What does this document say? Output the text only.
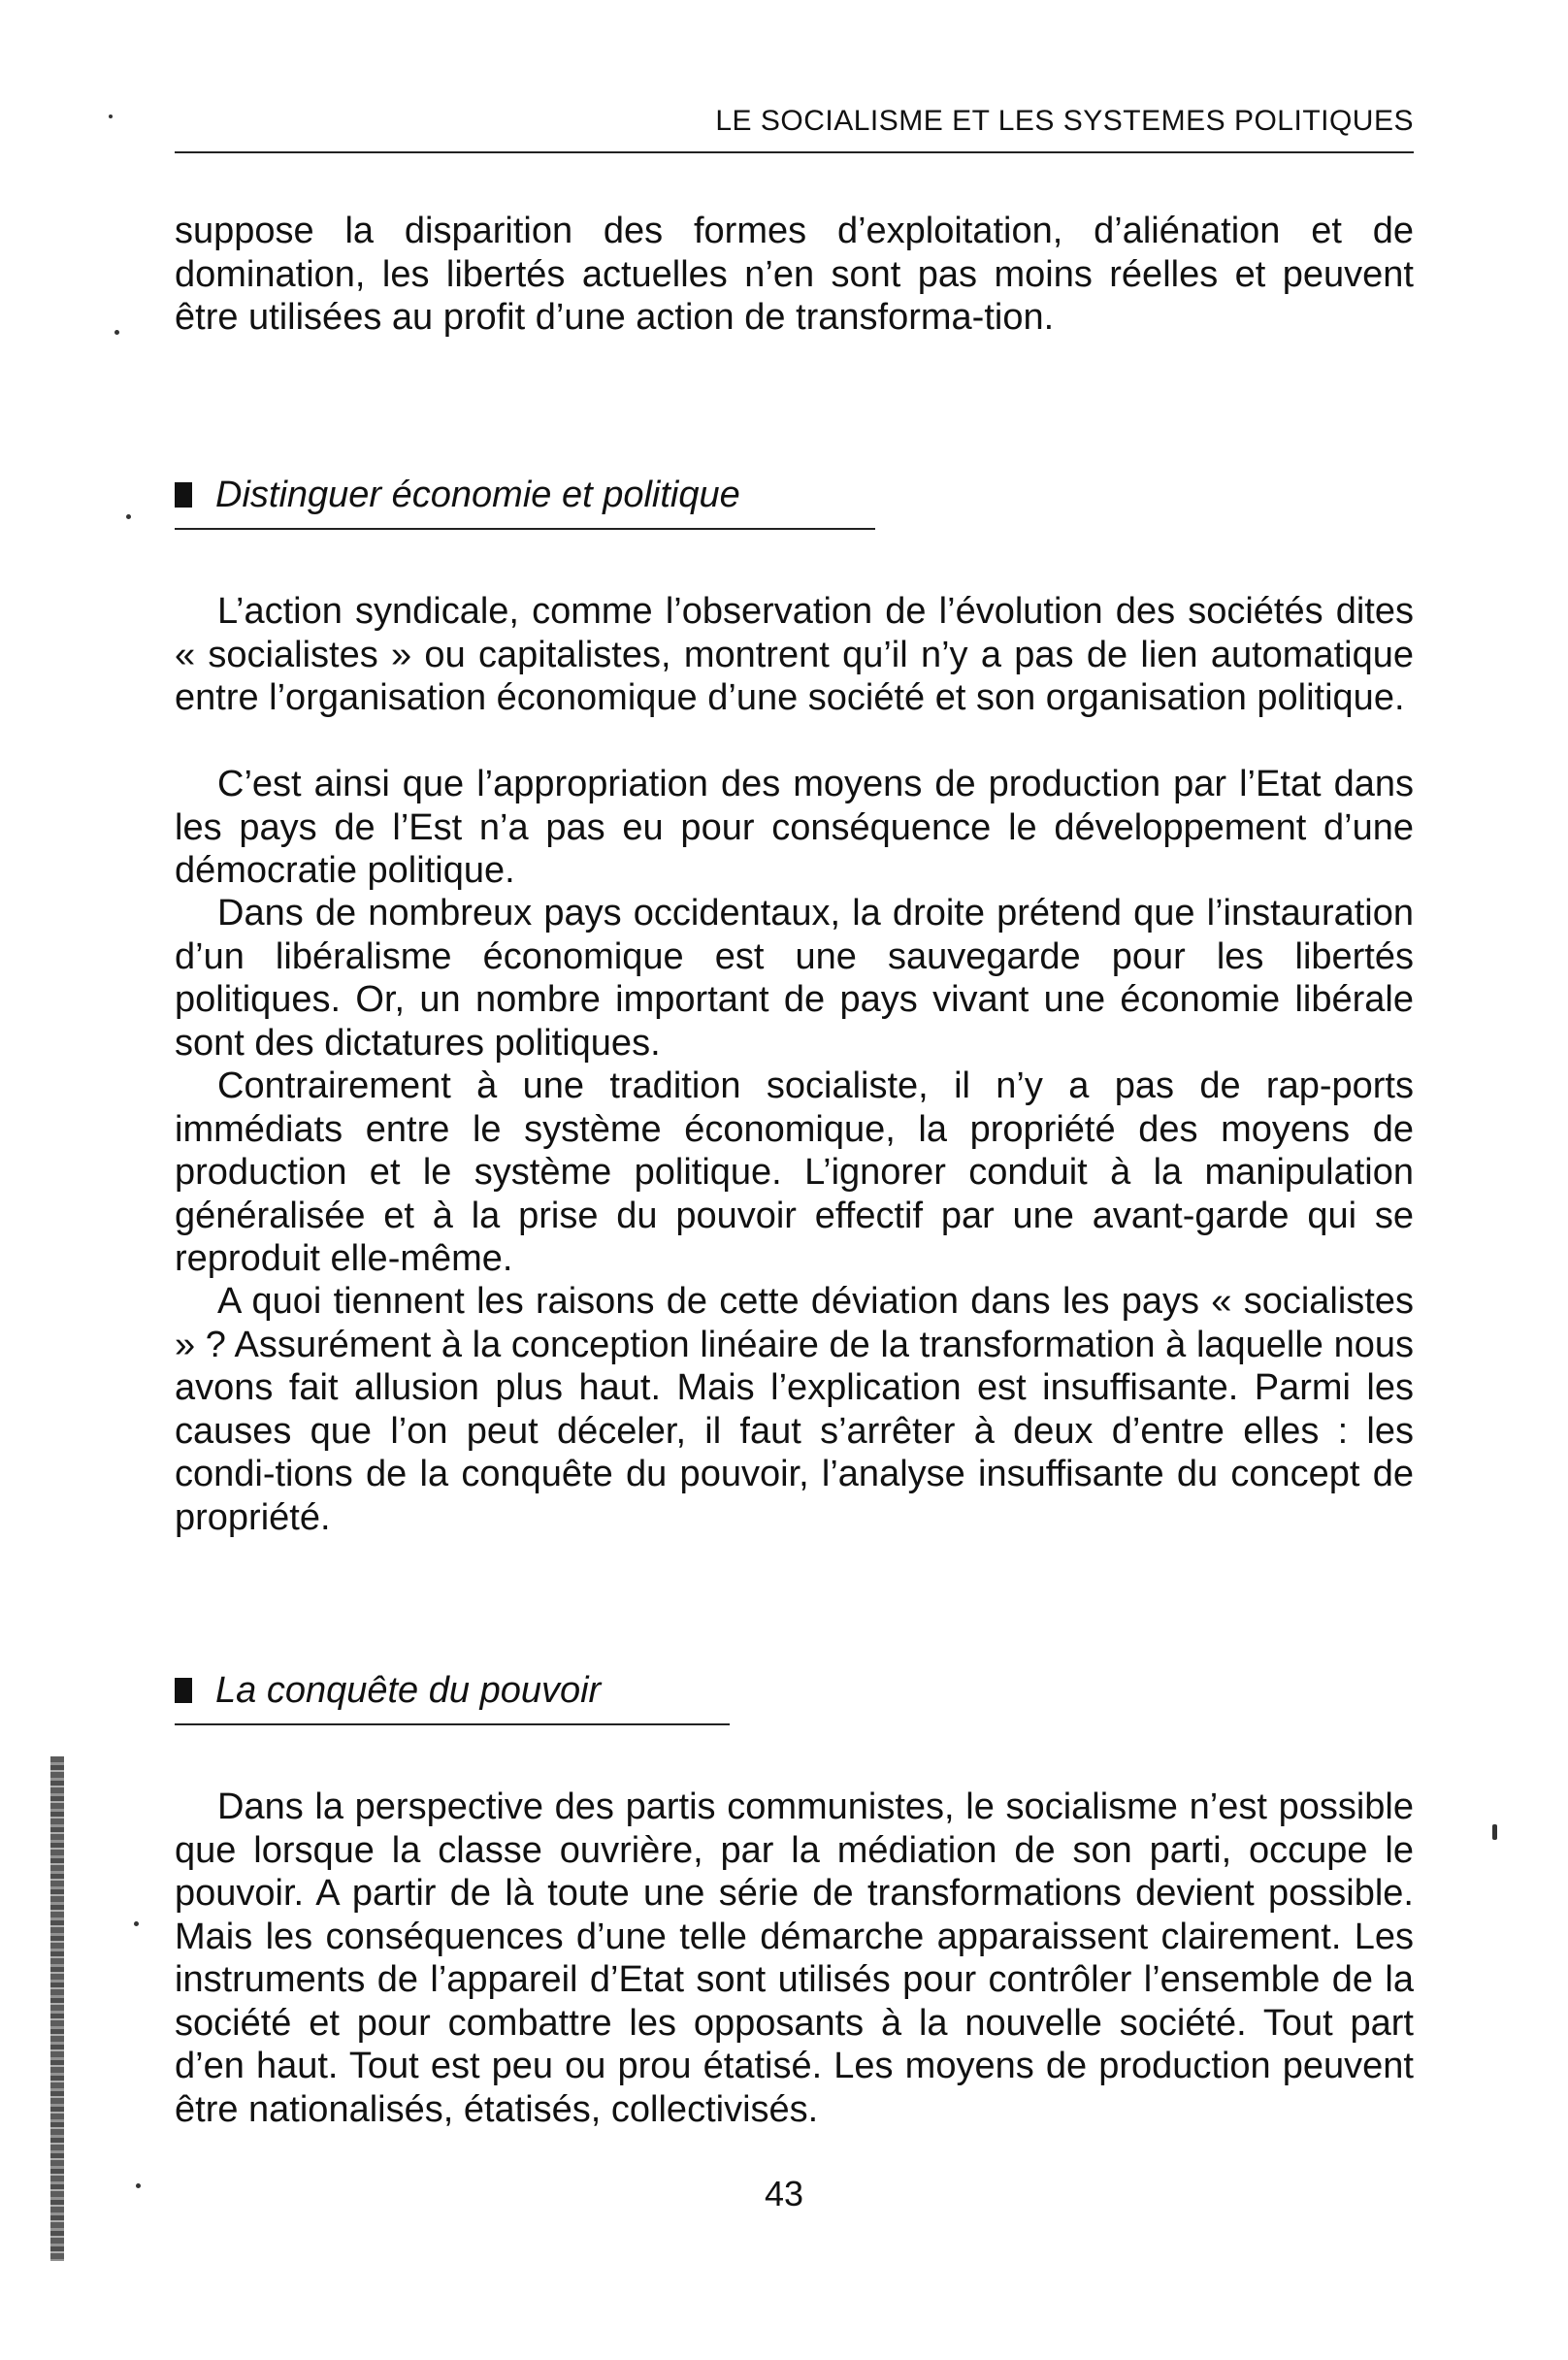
LE SOCIALISME ET LES SYSTEMES POLITIQUES

suppose la disparition des formes d’exploitation, d’aliénation et de domination, les libertés actuelles n’en sont pas moins réelles et peuvent être utilisées au profit d’une action de transforma-tion.

Distinguer économie et politique

L’action syndicale, comme l’observation de l’évolution des sociétés dites « socialistes » ou capitalistes, montrent qu’il n’y a pas de lien automatique entre l’organisation économique d’une société et son organisation politique.

C’est ainsi que l’appropriation des moyens de production par l’Etat dans les pays de l’Est n’a pas eu pour conséquence le développement d’une démocratie politique.

Dans de nombreux pays occidentaux, la droite prétend que l’instauration d’un libéralisme économique est une sauvegarde pour les libertés politiques. Or, un nombre important de pays vivant une économie libérale sont des dictatures politiques.

Contrairement à une tradition socialiste, il n’y a pas de rap-ports immédiats entre le système économique, la propriété des moyens de production et le système politique. L’ignorer conduit à la manipulation généralisée et à la prise du pouvoir effectif par une avant-garde qui se reproduit elle-même.

A quoi tiennent les raisons de cette déviation dans les pays « socialistes » ? Assurément à la conception linéaire de la transformation à laquelle nous avons fait allusion plus haut. Mais l’explication est insuffisante. Parmi les causes que l’on peut déceler, il faut s’arrêter à deux d’entre elles : les condi-tions de la conquête du pouvoir, l’analyse insuffisante du concept de propriété.

La conquête du pouvoir

Dans la perspective des partis communistes, le socialisme n’est possible que lorsque la classe ouvrière, par la médiation de son parti, occupe le pouvoir. A partir de là toute une série de transformations devient possible. Mais les conséquences d’une telle démarche apparaissent clairement. Les instruments de l’appareil d’Etat sont utilisés pour contrôler l’ensemble de la société et pour combattre les opposants à la nouvelle société. Tout part d’en haut. Tout est peu ou prou étatisé. Les moyens de production peuvent être nationalisés, étatisés, collectivisés.

43
